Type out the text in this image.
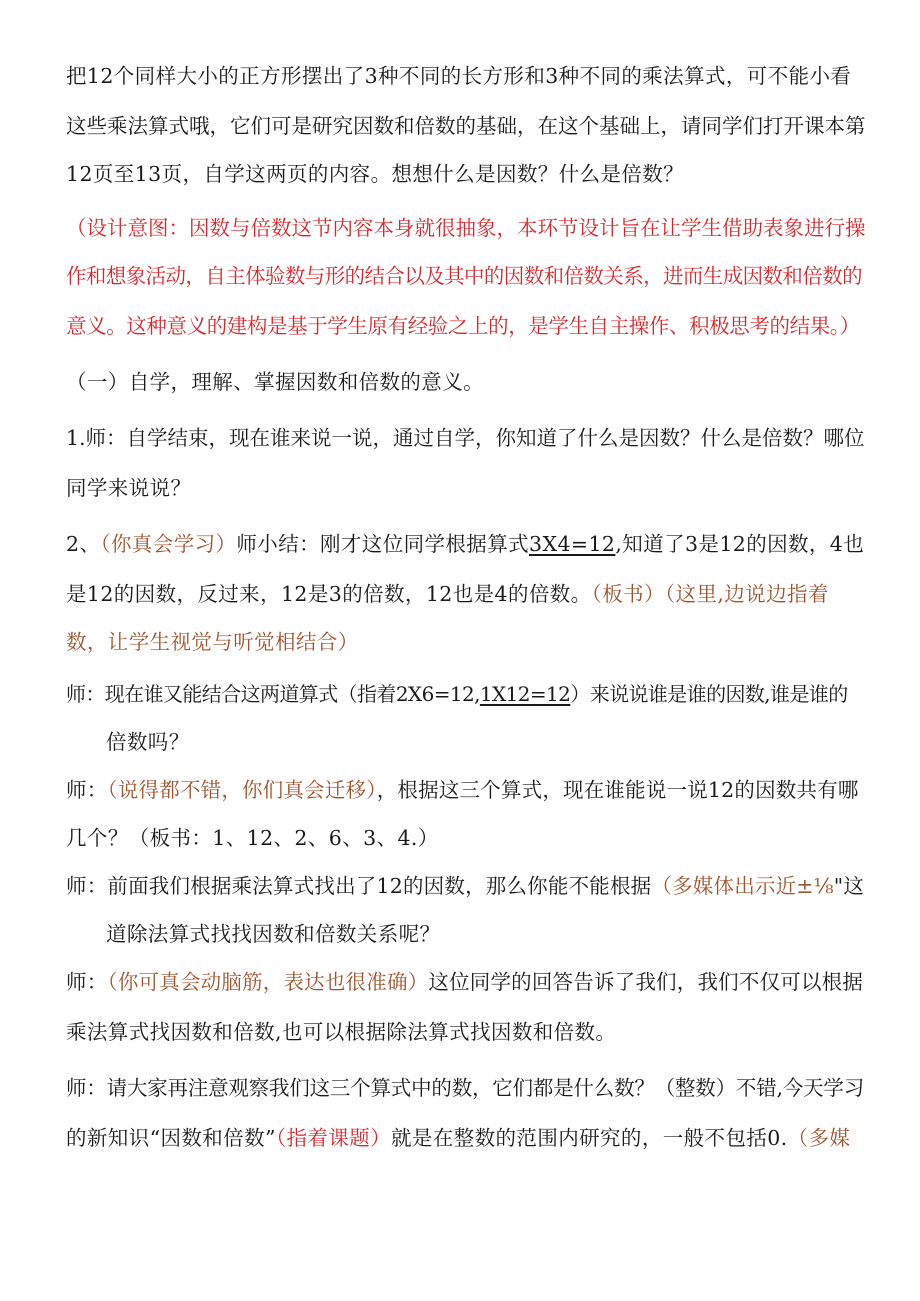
把12个同样大小的正方形摆出了3种不同的长方形和3种不同的乘法算式，可不能小看
这些乘法算式哦，它们可是研究因数和倍数的基础，在这个基础上，请同学们打开课本第
12页至13页，自学这两页的内容。想想什么是因数？什么是倍数？
（设计意图：因数与倍数这节内容本身就很抽象，本环节设计旨在让学生借助表象进行操
作和想象活动，自主体验数与形的结合以及其中的因数和倍数关系，进而生成因数和倍数的
意义。这种意义的建构是基于学生原有经验之上的，是学生自主操作、积极思考的结果。）
（一）自学，理解、掌握因数和倍数的意义。
1.师：自学结束，现在谁来说一说，通过自学，你知道了什么是因数？什么是倍数？哪位
同学来说说？
2、（你真会学习）师小结：刚才这位同学根据算式3X4=12,知道了3是12的因数，4也
是12的因数，反过来，12是3的倍数，12也是4的倍数。（板书）（这里,边说边指着
数，让学生视觉与听觉相结合）
师：现在谁又能结合这两道算式（指着2X6=12,1X12=12）来说说谁是谁的因数,谁是谁的
倍数吗？
师：（说得都不错，你们真会迁移），根据这三个算式，现在谁能说一说12的因数共有哪
几个？（板书：1、12、2、6、3、4.）
师：前面我们根据乘法算式找出了12的因数，那么你能不能根据（多媒体出示近±⅛"这
道除法算式找找因数和倍数关系呢？
师：（你可真会动脑筋，表达也很准确）这位同学的回答告诉了我们，我们不仅可以根据
乘法算式找因数和倍数,也可以根据除法算式找因数和倍数。
师：请大家再注意观察我们这三个算式中的数，它们都是什么数？（整数）不错,今天学习
的新知识“因数和倍数”（指着课题）就是在整数的范围内研究的，一般不包括0.（多媒
